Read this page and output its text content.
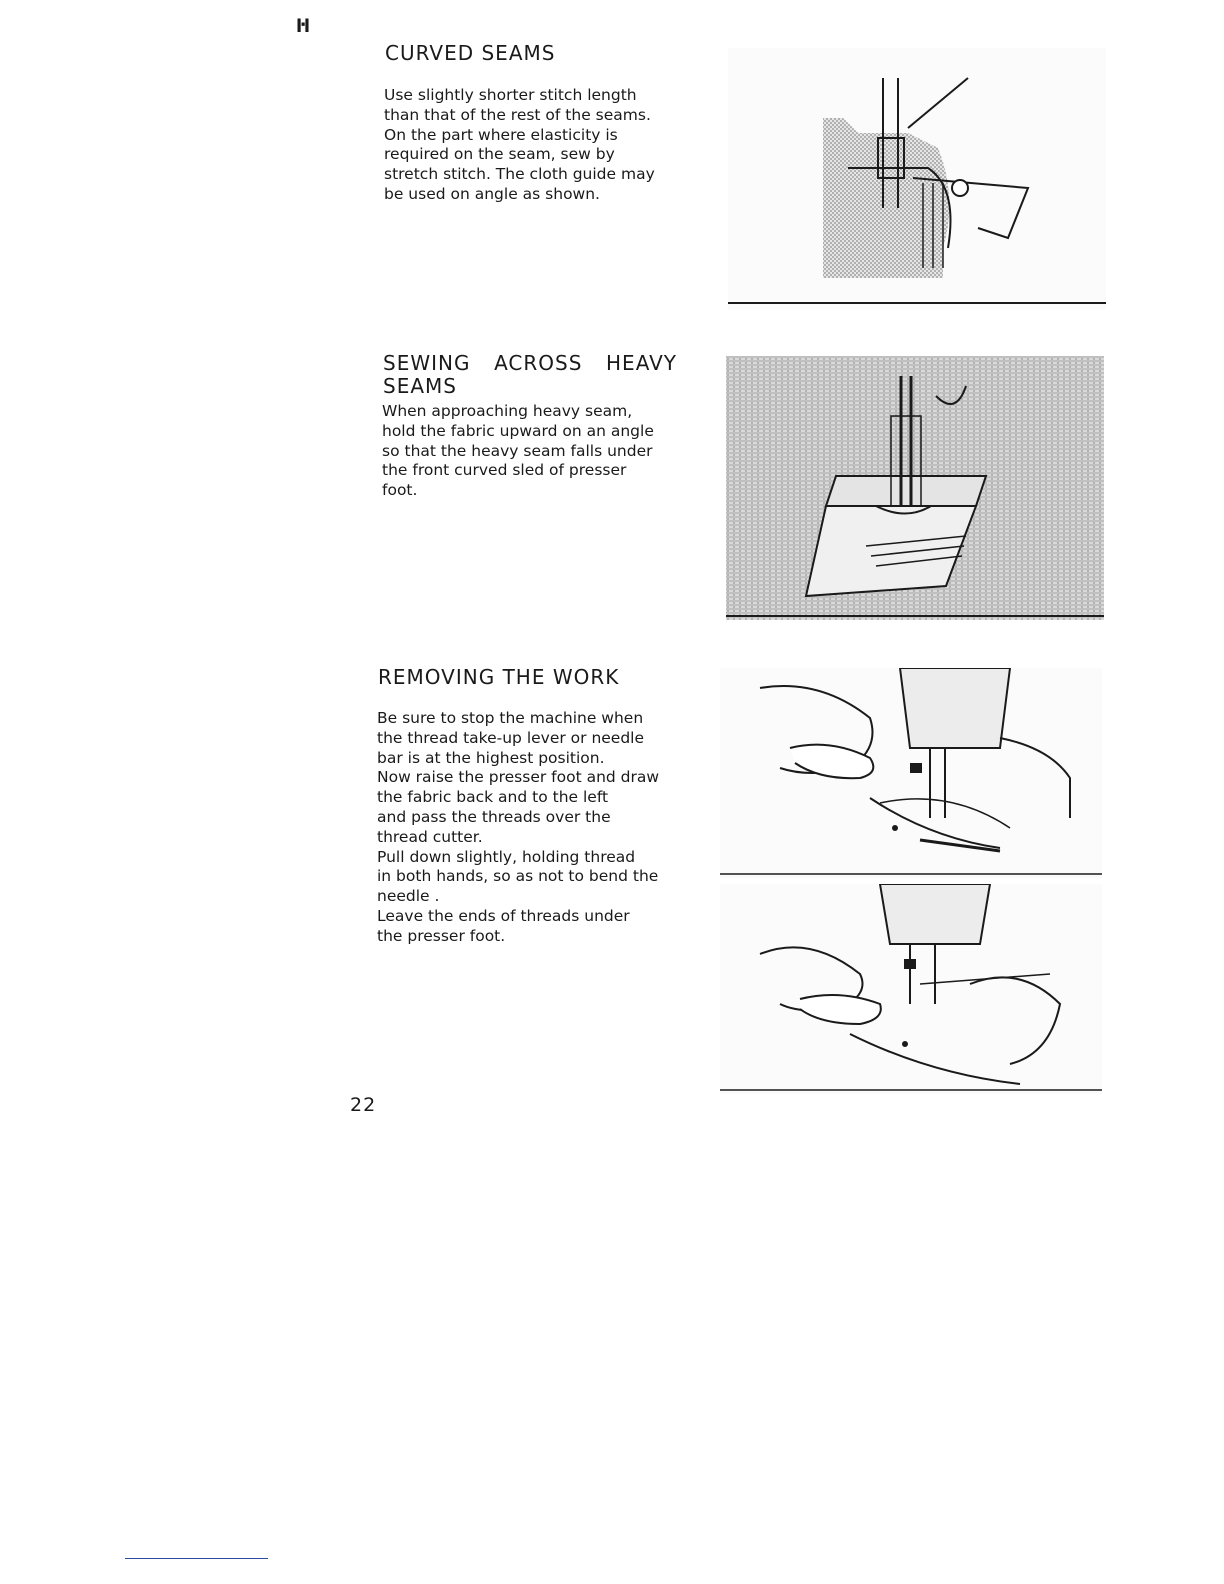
ŀl
CURVED SEAMS
Use slightly shorter stitch length
than that of the rest of the seams.
On the part where elasticity is
required on the seam, sew by
stretch stitch. The cloth guide may
be used on angle as shown.
SEWING ACROSS HEAVY
SEAMS
When approaching heavy seam,
hold the fabric upward on an angle
so that the heavy seam falls under
the front curved sled of presser
foot.
REMOVING THE WORK
Be sure to stop the machine when
the thread take-up lever or needle
bar is at the highest position.
Now raise the presser foot and draw
the fabric back and to the left
and pass the threads over the
thread cutter.
Pull down slightly, holding thread
in both hands, so as not to bend the
needle .
Leave the ends of threads under
the presser foot.
22
